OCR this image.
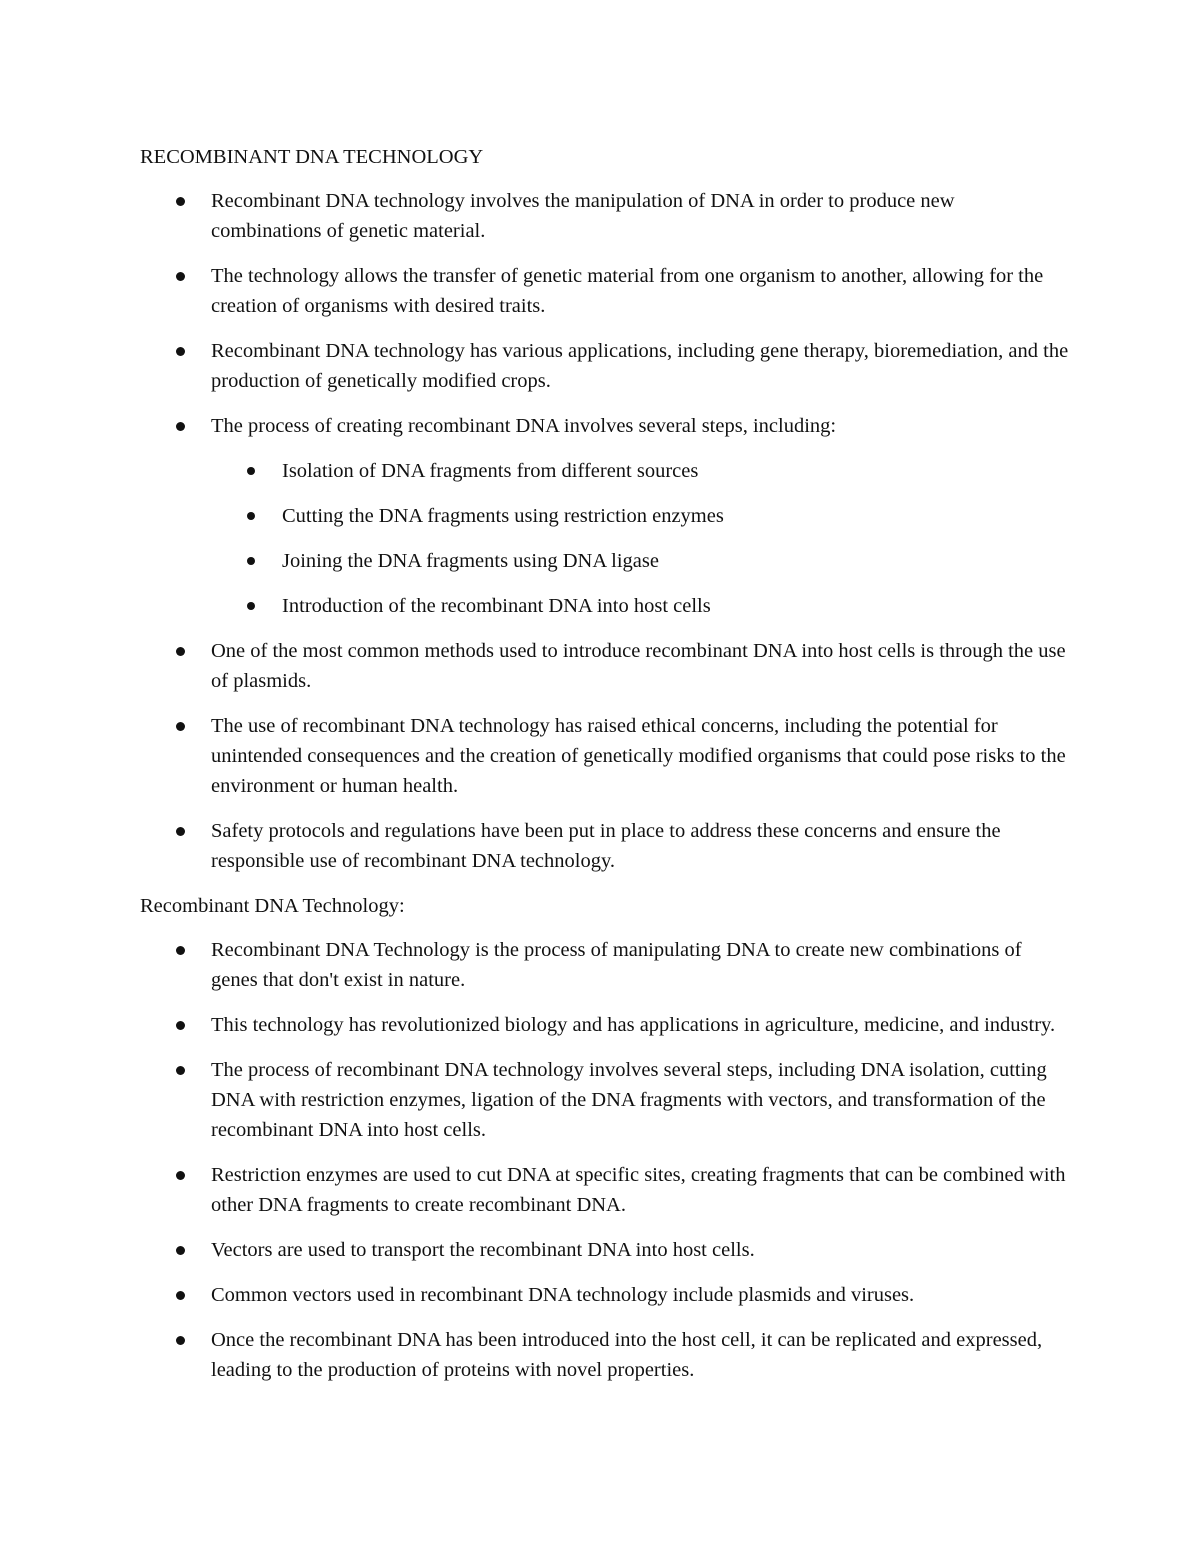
RECOMBINANT DNA TECHNOLOGY
Recombinant DNA technology involves the manipulation of DNA in order to produce new combinations of genetic material.
The technology allows the transfer of genetic material from one organism to another, allowing for the creation of organisms with desired traits.
Recombinant DNA technology has various applications, including gene therapy, bioremediation, and the production of genetically modified crops.
The process of creating recombinant DNA involves several steps, including:
Isolation of DNA fragments from different sources
Cutting the DNA fragments using restriction enzymes
Joining the DNA fragments using DNA ligase
Introduction of the recombinant DNA into host cells
One of the most common methods used to introduce recombinant DNA into host cells is through the use of plasmids.
The use of recombinant DNA technology has raised ethical concerns, including the potential for unintended consequences and the creation of genetically modified organisms that could pose risks to the environment or human health.
Safety protocols and regulations have been put in place to address these concerns and ensure the responsible use of recombinant DNA technology.
Recombinant DNA Technology:
Recombinant DNA Technology is the process of manipulating DNA to create new combinations of genes that don't exist in nature.
This technology has revolutionized biology and has applications in agriculture, medicine, and industry.
The process of recombinant DNA technology involves several steps, including DNA isolation, cutting DNA with restriction enzymes, ligation of the DNA fragments with vectors, and transformation of the recombinant DNA into host cells.
Restriction enzymes are used to cut DNA at specific sites, creating fragments that can be combined with other DNA fragments to create recombinant DNA.
Vectors are used to transport the recombinant DNA into host cells.
Common vectors used in recombinant DNA technology include plasmids and viruses.
Once the recombinant DNA has been introduced into the host cell, it can be replicated and expressed, leading to the production of proteins with novel properties.
